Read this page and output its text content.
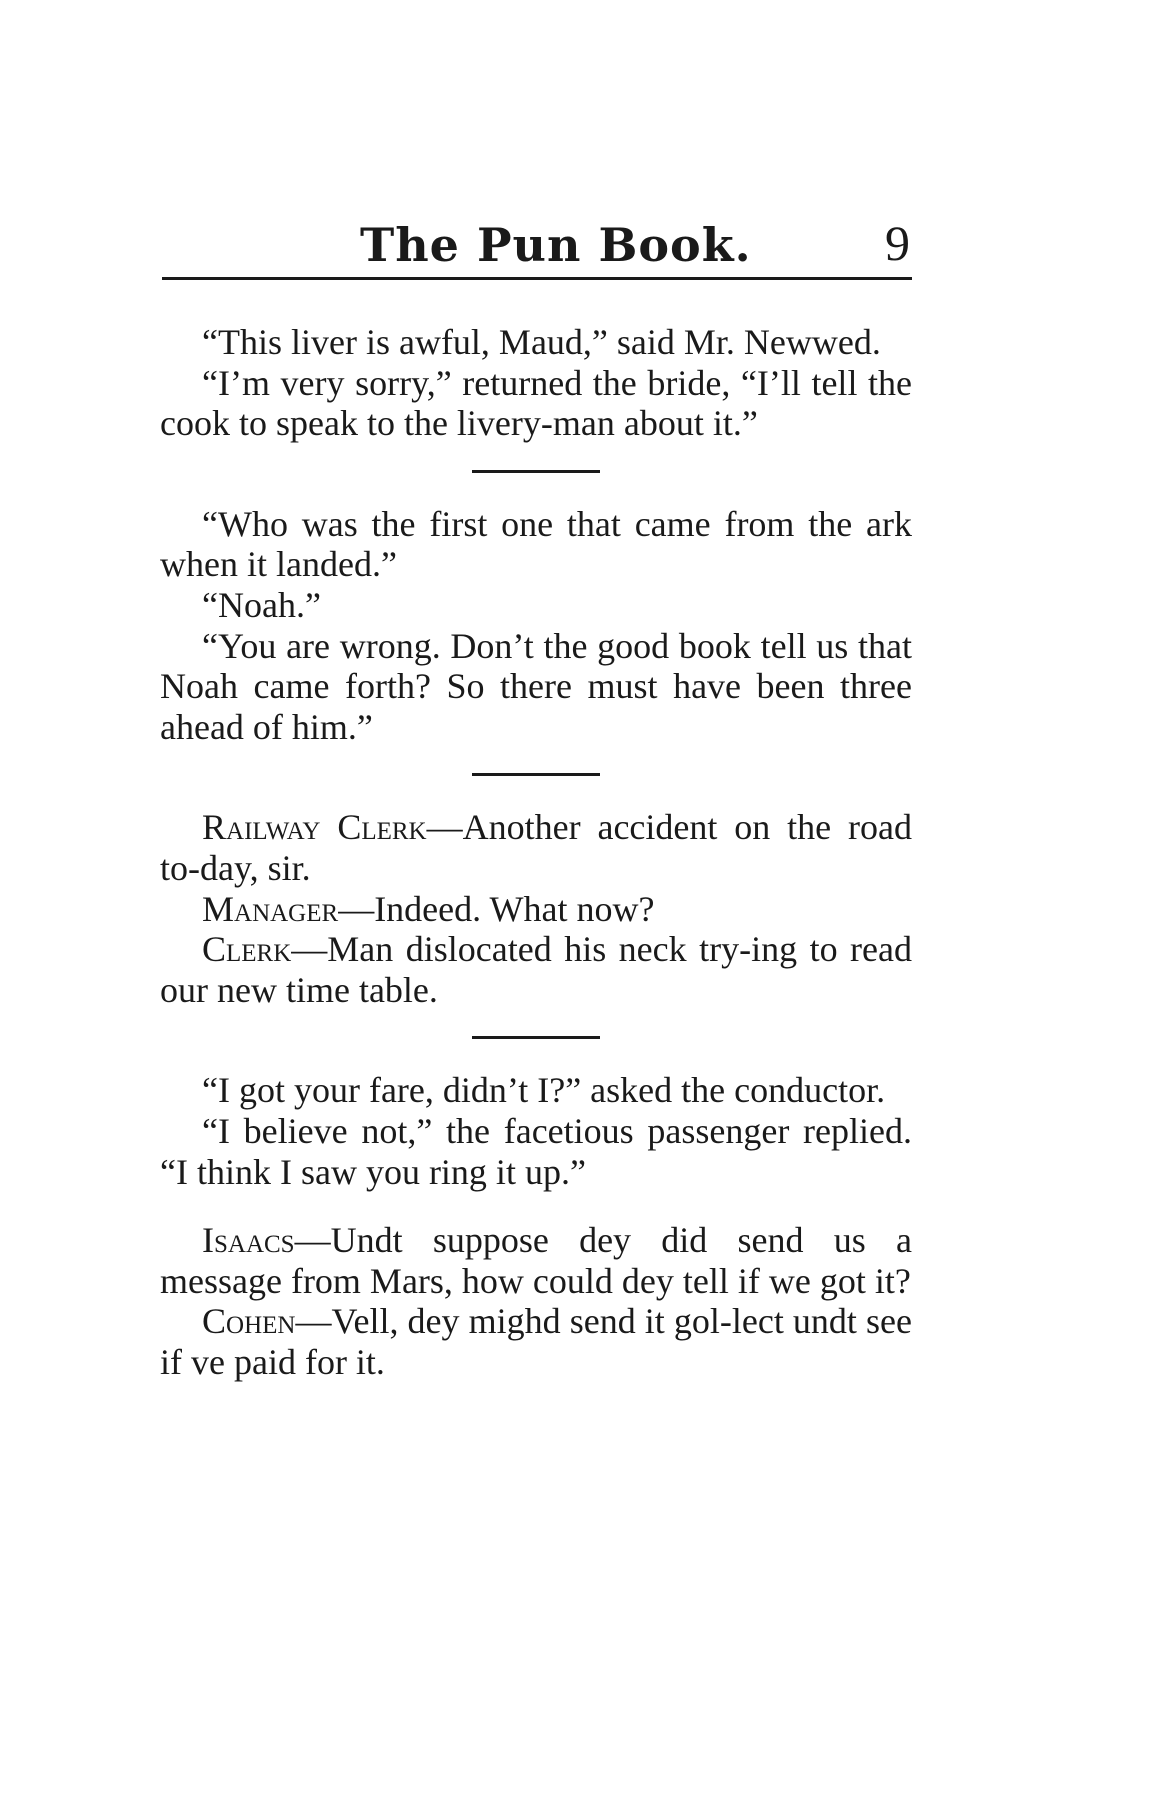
The Pun Book.	9

“This liver is awful, Maud,” said Mr. Newwed.

“I’m very sorry,” returned the bride, “I’ll tell the cook to speak to the livery-man about it.”

“Who was the first one that came from the ark when it landed.”

“Noah.”

“You are wrong. Don’t the good book tell us that Noah came forth? So there must have been three ahead of him.”

Railway Clerk—Another accident on the road to-day, sir.

Manager—Indeed. What now?

Clerk—Man dislocated his neck try-ing to read our new time table.

“I got your fare, didn’t I?” asked the conductor.

“I believe not,” the facetious passenger replied. “I think I saw you ring it up.”

Isaacs—Undt suppose dey did send us a message from Mars, how could dey tell if we got it?

Cohen—Vell, dey mighd send it gol-lect undt see if ve paid for it.
